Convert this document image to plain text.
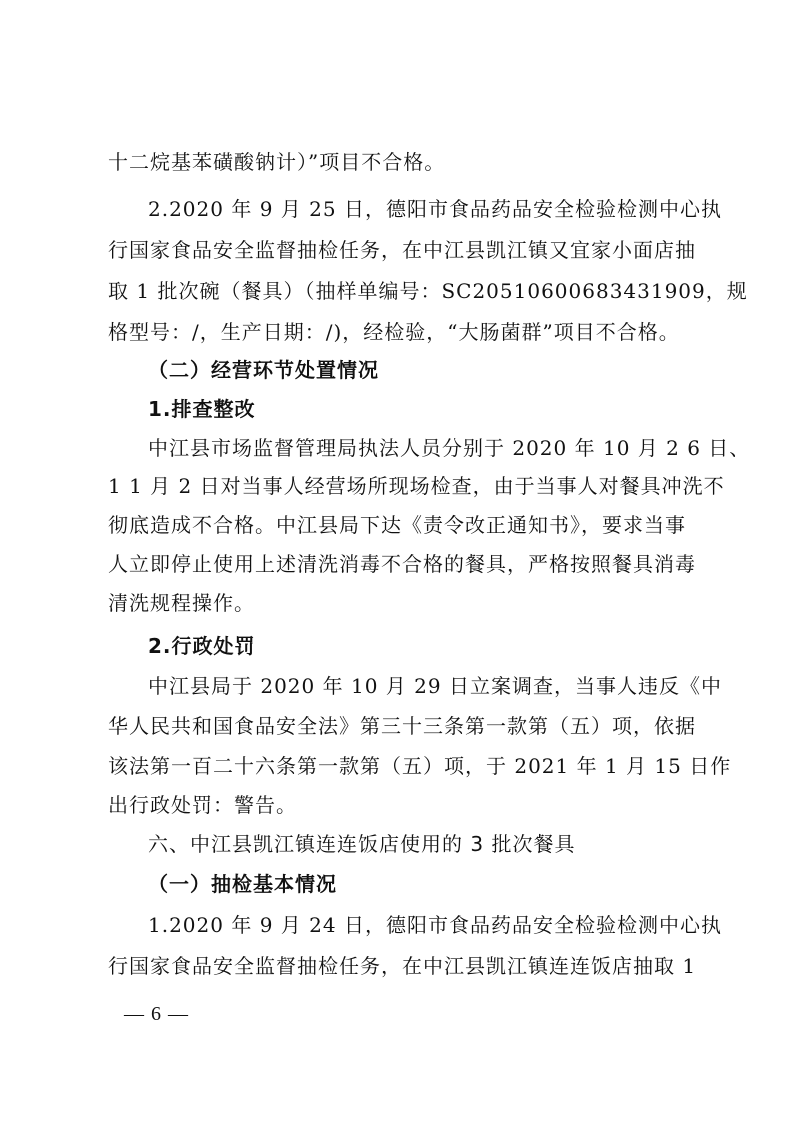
十二烷基苯磺酸钠计）”项目不合格。
2.2020 年 9 月 25 日，德阳市食品药品安全检验检测中心执
行国家食品安全监督抽检任务，在中江县凯江镇又宜家小面店抽
取 1 批次碗（餐具）（抽样单编号：SC20510600683431909，规
格型号：/，生产日期：/)，经检验，“大肠菌群”项目不合格。
（二）经营环节处置情况
1.排查整改
中江县市场监督管理局执法人员分别于 2020 年 10 月 2 6 日、
1 1 月 2 日对当事人经营场所现场检查，由于当事人对餐具冲洗不
彻底造成不合格。中江县局下达《责令改正通知书》，要求当事
人立即停止使用上述清洗消毒不合格的餐具，严格按照餐具消毒
清洗规程操作。
2.行政处罚
中江县局于 2020 年 10 月 29 日立案调查，当事人违反《中
华人民共和国食品安全法》第三十三条第一款第（五）项，依据
该法第一百二十六条第一款第（五）项，于 2021 年 1 月 15 日作
出行政处罚：警告。
六、中江县凯江镇连连饭店使用的 3 批次餐具
（一）抽检基本情况
1.2020 年 9 月 24 日，德阳市食品药品安全检验检测中心执
行国家食品安全监督抽检任务，在中江县凯江镇连连饭店抽取 1
— 6 —
